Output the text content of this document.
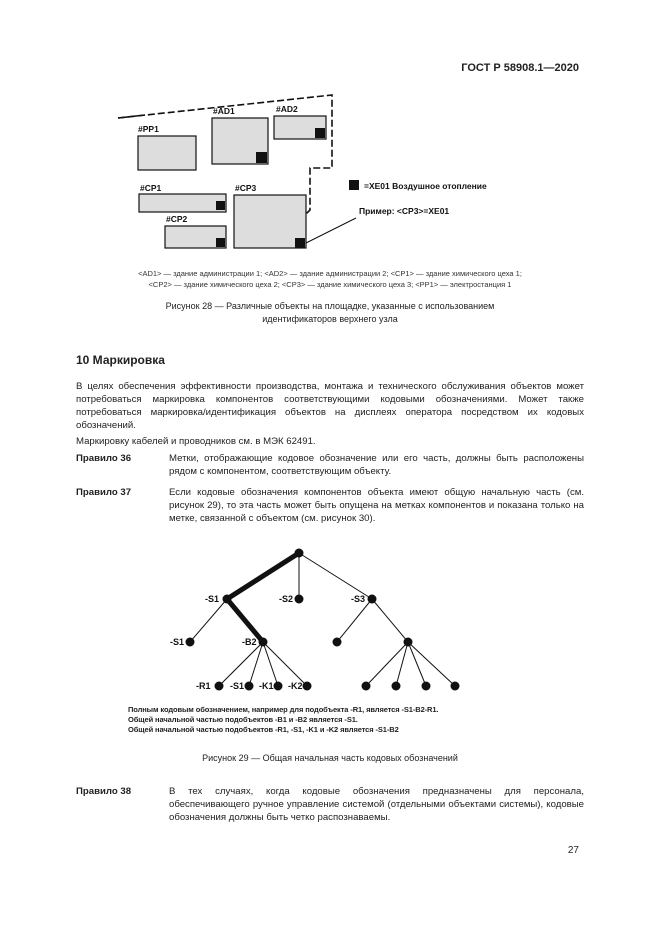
ГОСТ Р 58908.1—2020
#PP1
#AD1	#AD2
#CP1
#CP2
#CP3	=XE01 Воздушное отопление
Пример: <CP3>=XE01
-S1	-S2	-S3
-S1	-B2
-R1 -S1 -K1 -K2
<AD1> — здание администрации 1; <AD2> — здание администрации 2; <CP1> — здание химического цеха 1;
<CP2> — здание химического цеха 2; <CP3> — здание химического цеха 3; <PP1> — электростанция 1
Рисунок 28 — Различные объекты на площадке, указанные с использованием
идентификаторов верхнего узла
10 Маркировка
В целях обеспечения эффективности производства, монтажа и технического обслуживания объектов может потребоваться маркировка компонентов соответствующими кодовыми обозначениями. Может также потребоваться маркировка/идентификация объектов на дисплеях оператора посредством их кодовых обозначений.
Маркировку кабелей и проводников см. в МЭК 62491.
Правило 36	Метки, отображающие кодовое обозначение или его часть, должны быть расположены рядом с компонентом, соответствующим объекту.
Правило 37	Если кодовые обозначения компонентов объекта имеют общую начальную часть (см. рисунок 29), то эта часть может быть опущена на метках компонентов и показана только на метке, связанной с объектом (см. рисунок 30).
Полным кодовым обозначением, например для подобъекта -R1, является -S1-B2-R1.
Общей начальной частью подобъектов -B1 и -B2 является -S1.
Общей начальной частью подобъектов -R1, -S1, -K1 и -K2 является -S1-B2
Рисунок 29 — Общая начальная часть кодовых обозначений
Правило 38	В тех случаях, когда кодовые обозначения предназначены для персонала, обеспечивающего ручное управление системой (отдельными объектами системы), кодовые обозначения должны быть четко распознаваемы.
27
